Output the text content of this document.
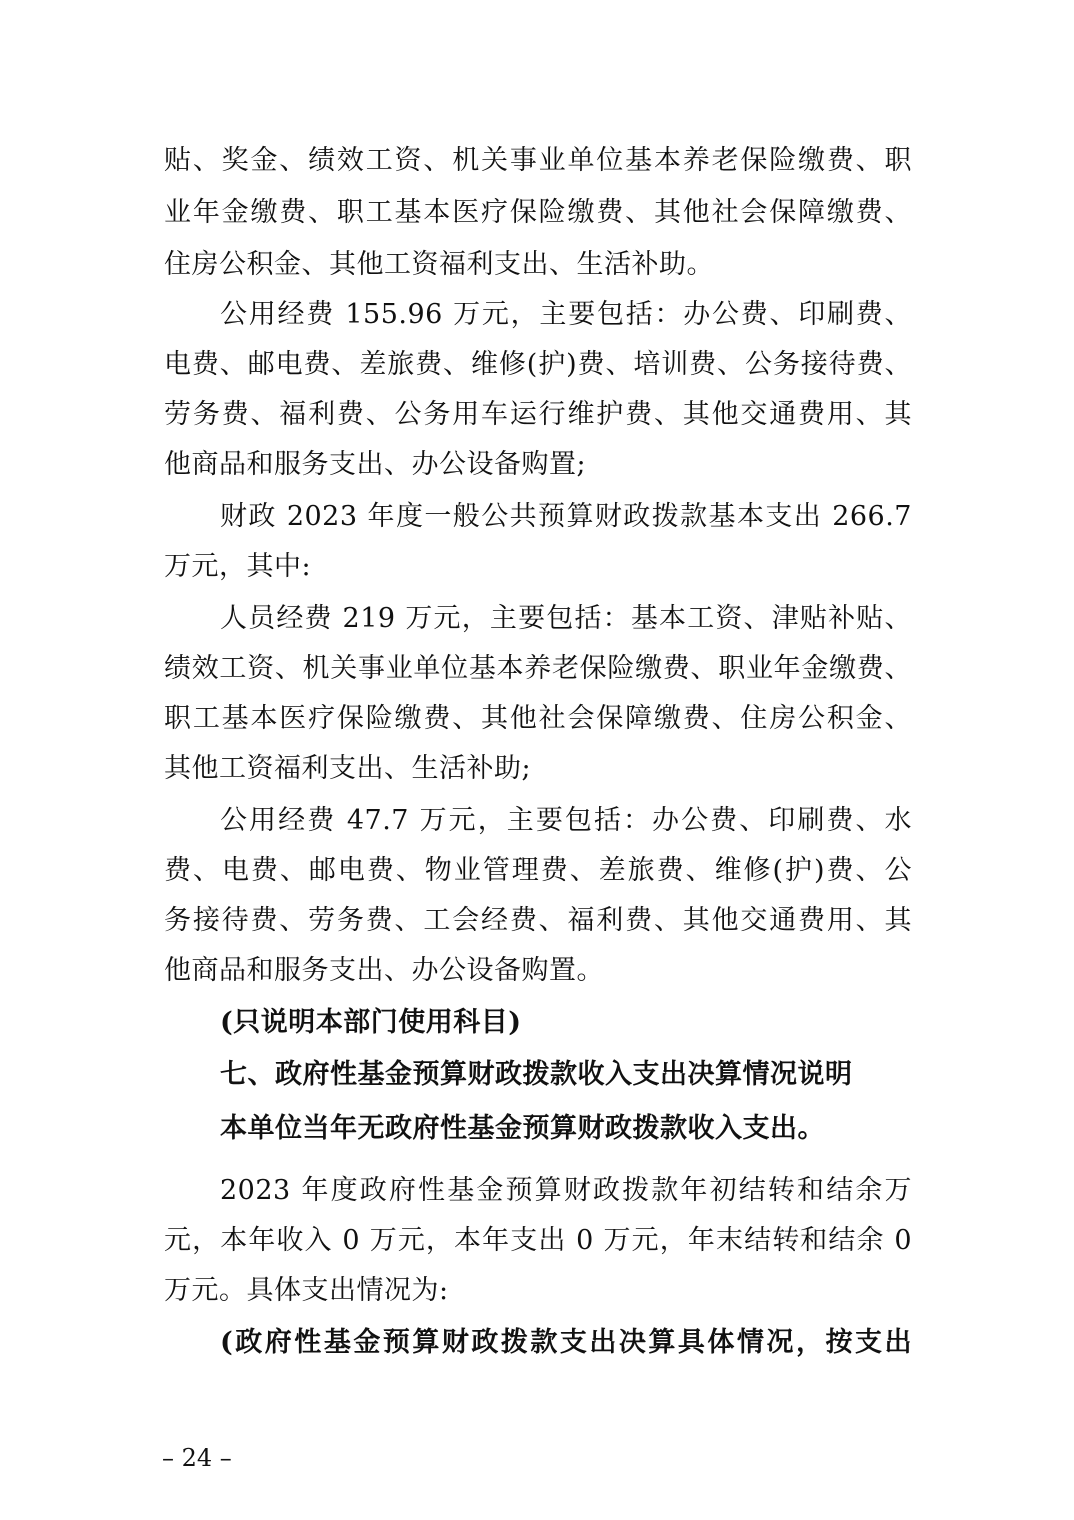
贴、奖金、绩效工资、机关事业单位基本养老保险缴费、职
业年金缴费、职工基本医疗保险缴费、其他社会保障缴费、
住房公积金、其他工资福利支出、生活补助。
公用经费 155.96 万元，主要包括：办公费、印刷费、
电费、邮电费、差旅费、维修(护)费、培训费、公务接待费、
劳务费、福利费、公务用车运行维护费、其他交通费用、其
他商品和服务支出、办公设备购置;
财政 2023 年度一般公共预算财政拨款基本支出 266.7
万元，其中:
人员经费 219 万元，主要包括：基本工资、津贴补贴、
绩效工资、机关事业单位基本养老保险缴费、职业年金缴费、
职工基本医疗保险缴费、其他社会保障缴费、住房公积金、
其他工资福利支出、生活补助;
公用经费 47.7 万元，主要包括：办公费、印刷费、水
费、电费、邮电费、物业管理费、差旅费、维修(护)费、公
务接待费、劳务费、工会经费、福利费、其他交通费用、其
他商品和服务支出、办公设备购置。
(只说明本部门使用科目)
七、政府性基金预算财政拨款收入支出决算情况说明
本单位当年无政府性基金预算财政拨款收入支出。
2023 年度政府性基金预算财政拨款年初结转和结余万
元，本年收入 0 万元，本年支出 0 万元，年末结转和结余 0
万元。具体支出情况为:
(政府性基金预算财政拨款支出决算具体情况，按支出
– 24 –
